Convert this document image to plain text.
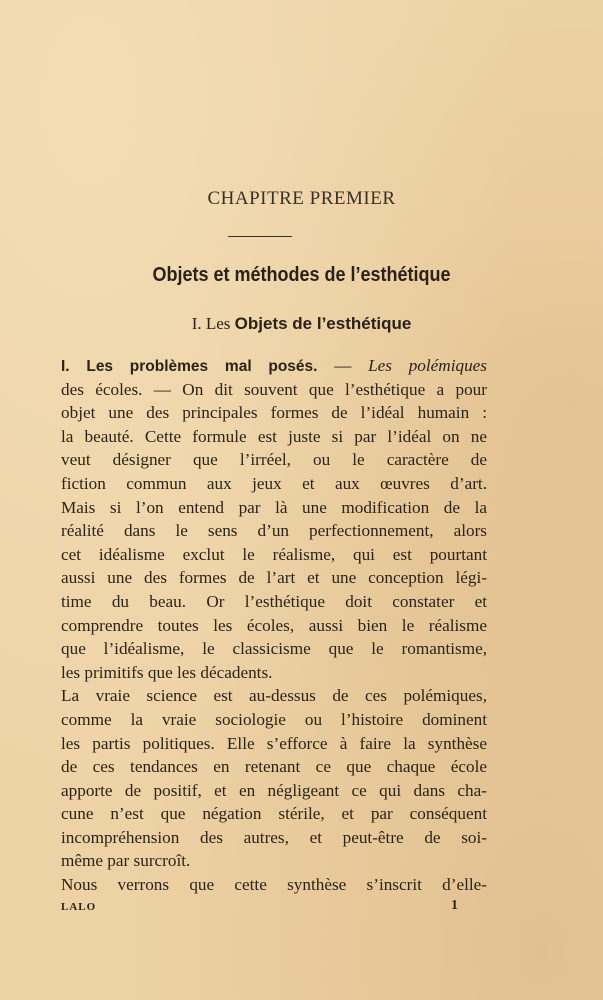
CHAPITRE PREMIER
Objets et méthodes de l’esthétique
I. Les Objets de l’esthétique
I. Les problèmes mal posés. — Les polémiques
des écoles. — On dit souvent que l’esthétique a pour
objet une des principales formes de l’idéal humain :
la beauté. Cette formule est juste si par l’idéal on ne
veut désigner que l’irréel, ou le caractère de
fiction commun aux jeux et aux œuvres d’art.
Mais si l’on entend par là une modification de la
réalité dans le sens d’un perfectionnement, alors
cet idéalisme exclut le réalisme, qui est pourtant
aussi une des formes de l’art et une conception légi-
time du beau. Or l’esthétique doit constater et
comprendre toutes les écoles, aussi bien le réalisme
que l’idéalisme, le classicisme que le romantisme,
les primitifs que les décadents.
La vraie science est au-dessus de ces polémiques,
comme la vraie sociologie ou l’histoire dominent
les partis politiques. Elle s’efforce à faire la synthèse
de ces tendances en retenant ce que chaque école
apporte de positif, et en négligeant ce qui dans cha-
cune n’est que négation stérile, et par conséquent
incompréhension des autres, et peut-être de soi-
même par surcroît.
Nous verrons que cette synthèse s’inscrit d’elle-
LALO	1
